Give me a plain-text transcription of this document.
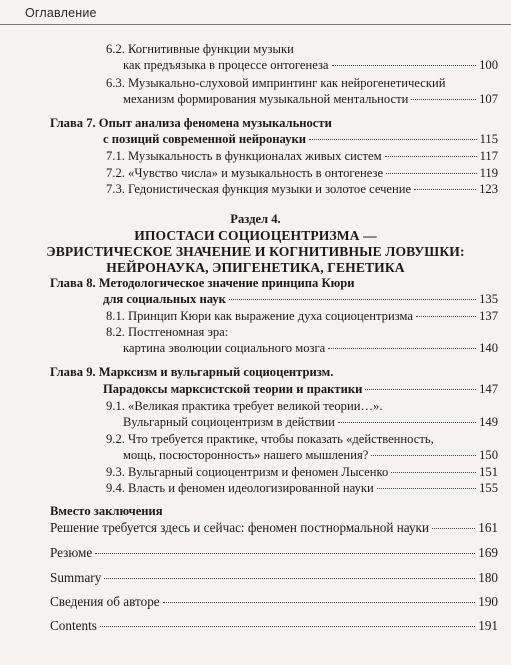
Оглавление
6.2. Когнитивные функции музыки
как предъязыка в процессе онтогенеза	100
6.3. Музыкально-слуховой импринтинг как нейрогенетический
механизм формирования музыкальной ментальности	107
Глава 7. Опыт анализа феномена музыкальности
с позиций современной нейронауки	115
7.1. Музыкальность в функционалах живых систем	117
7.2. «Чувство числа» и музыкальность в онтогенезе	119
7.3. Гедонистическая функция музыки и золотое сечение	123
Раздел 4.
ИПОСТАСИ СОЦИОЦЕНТРИЗМА —
ЭВРИСТИЧЕСКОЕ ЗНАЧЕНИЕ И КОГНИТИВНЫЕ ЛОВУШКИ:
НЕЙРОНАУКА, ЭПИГЕНЕТИКА, ГЕНЕТИКА
Глава 8. Методологическое значение принципа Кюри
для социальных наук	135
8.1. Принцип Кюри как выражение духа социоцентризма	137
8.2. Постгеномная эра:
картина эволюции социального мозга	140
Глава 9. Марксизм и вульгарный социоцентризм.
Парадоксы марксистской теории и практики	147
9.1. «Великая практика требует великой теории…».
Вульгарный социоцентризм в действии	149
9.2. Что требуется практике, чтобы показать «действенность,
мощь, посюсторонность» нашего мышления?	150
9.3. Вульгарный социоцентризм и феномен Лысенко	151
9.4. Власть и феномен идеологизированной науки	155
Вместо заключения
Решение требуется здесь и сейчас: феномен постнормальной науки	161
Резюме	169
Summary	180
Сведения об авторе	190
Contents	191
